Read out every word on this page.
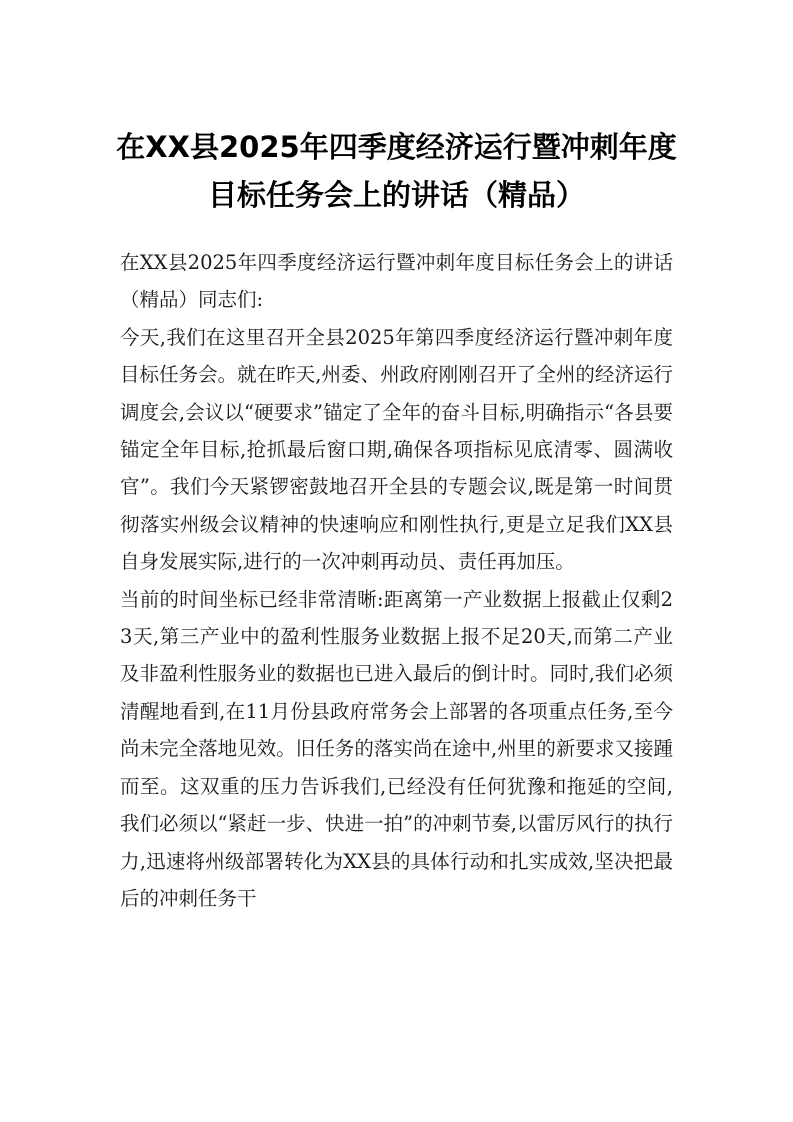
在XX县2025年四季度经济运行暨冲刺年度
目标任务会上的讲话（精品）

在XX县2025年四季度经济运行暨冲刺年度目标任务会上的讲话（精品）同志们:

今天,我们在这里召开全县2025年第四季度经济运行暨冲刺年度目标任务会。就在昨天,州委、州政府刚刚召开了全州的经济运行调度会,会议以“硬要求”锚定了全年的奋斗目标,明确指示“各县要锚定全年目标,抢抓最后窗口期,确保各项指标见底清零、圆满收官”。我们今天紧锣密鼓地召开全县的专题会议,既是第一时间贯彻落实州级会议精神的快速响应和刚性执行,更是立足我们XX县自身发展实际,进行的一次冲刺再动员、责任再加压。

当前的时间坐标已经非常清晰:距离第一产业数据上报截止仅剩23天,第三产业中的盈利性服务业数据上报不足20天,而第二产业及非盈利性服务业的数据也已进入最后的倒计时。同时,我们必须清醒地看到,在11月份县政府常务会上部署的各项重点任务,至今尚未完全落地见效。旧任务的落实尚在途中,州里的新要求又接踵而至。这双重的压力告诉我们,已经没有任何犹豫和拖延的空间,我们必须以“紧赶一步、快进一拍”的冲刺节奏,以雷厉风行的执行力,迅速将州级部署转化为XX县的具体行动和扎实成效,坚决把最后的冲刺任务干
